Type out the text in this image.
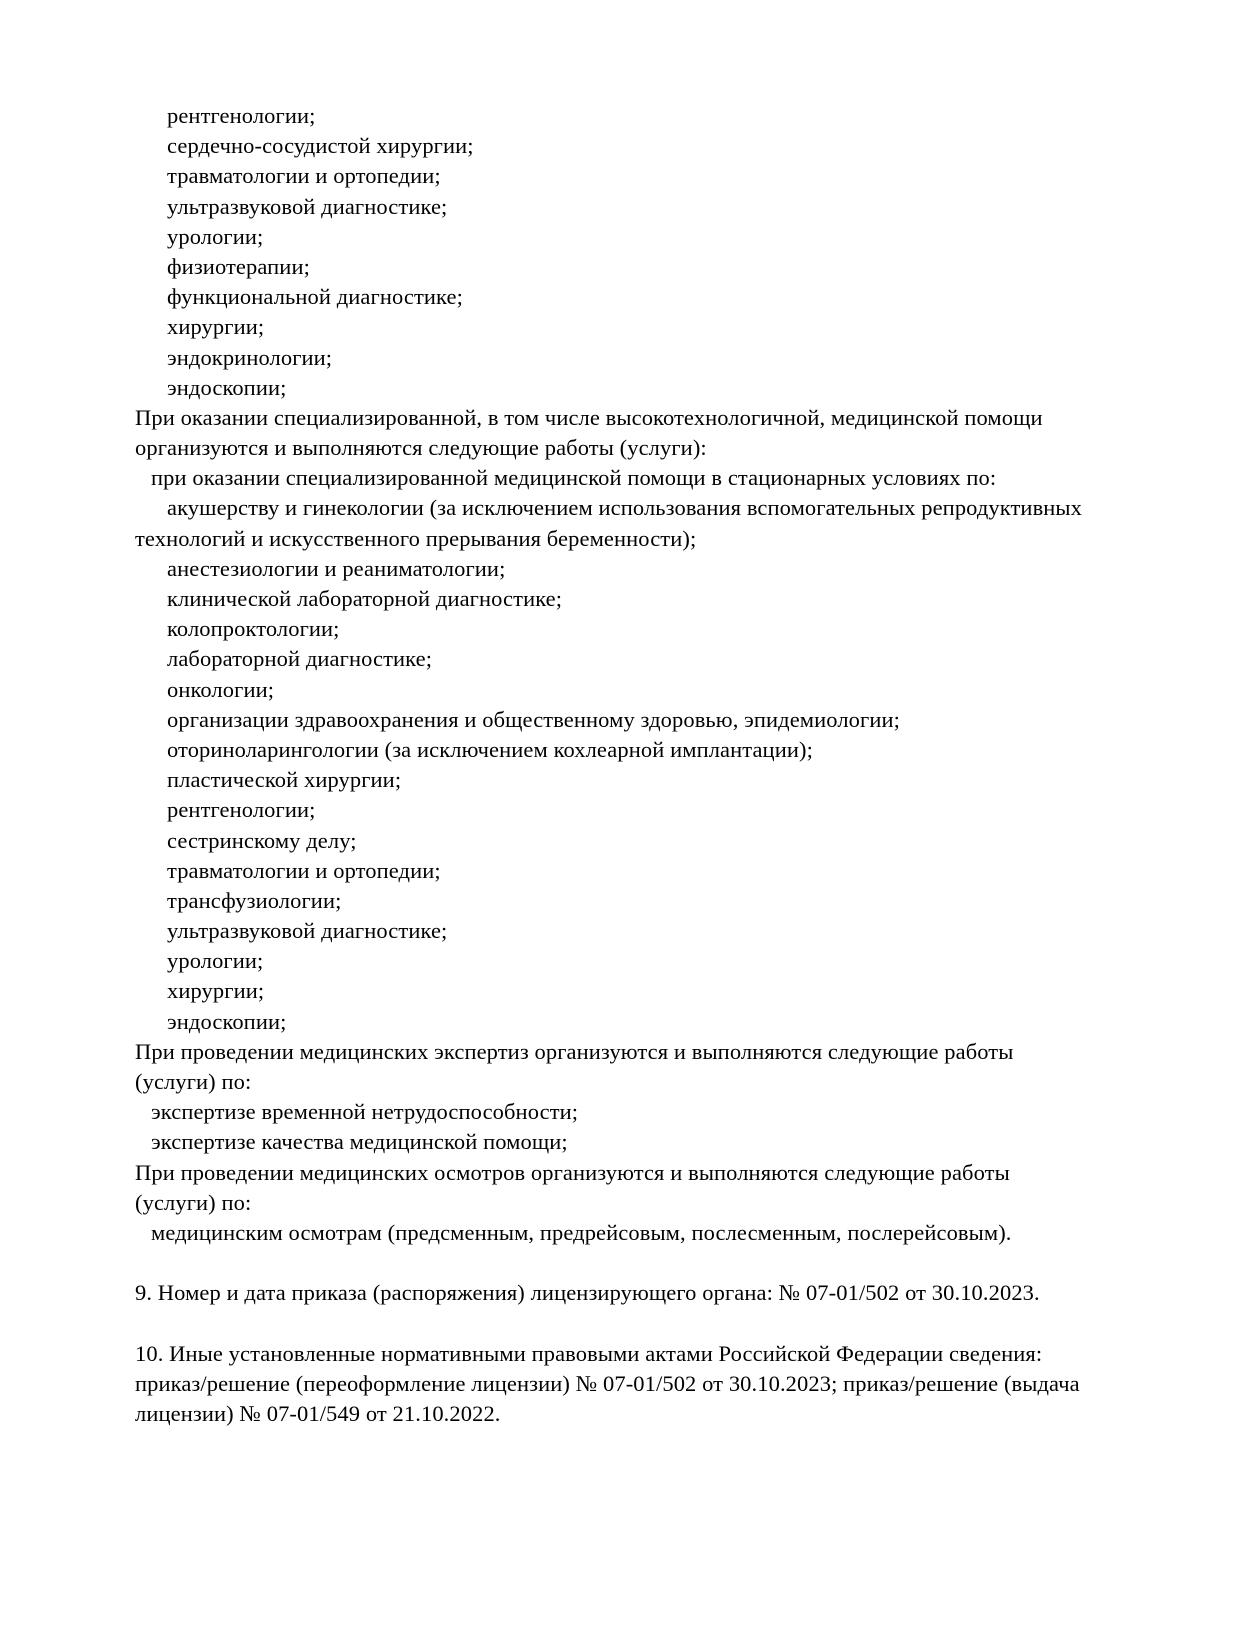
рентгенологии;
сердечно-сосудистой хирургии;
травматологии и ортопедии;
ультразвуковой диагностике;
урологии;
физиотерапии;
функциональной диагностике;
хирургии;
эндокринологии;
эндоскопии;
При оказании специализированной, в том числе высокотехнологичной, медицинской помощи
организуются и выполняются следующие работы (услуги):
при оказании специализированной медицинской помощи в стационарных условиях по:
акушерству и гинекологии (за исключением использования вспомогательных репродуктивных
технологий и искусственного прерывания беременности);
анестезиологии и реаниматологии;
клинической лабораторной диагностике;
колопроктологии;
лабораторной диагностике;
онкологии;
организации здравоохранения и общественному здоровью, эпидемиологии;
оториноларингологии (за исключением кохлеарной имплантации);
пластической хирургии;
рентгенологии;
сестринскому делу;
травматологии и ортопедии;
трансфузиологии;
ультразвуковой диагностике;
урологии;
хирургии;
эндоскопии;
При проведении медицинских экспертиз организуются и выполняются следующие работы
(услуги) по:
экспертизе временной нетрудоспособности;
экспертизе качества медицинской помощи;
При проведении медицинских осмотров организуются и выполняются следующие работы
(услуги) по:
медицинским осмотрам (предсменным, предрейсовым, послесменным, послерейсовым).
9. Номер и дата приказа (распоряжения) лицензирующего органа: № 07-01/502 от 30.10.2023.
10. Иные установленные нормативными правовыми актами Российской Федерации сведения:
приказ/решение (переоформление лицензии) № 07-01/502 от 30.10.2023; приказ/решение (выдача
лицензии) № 07-01/549 от 21.10.2022.
